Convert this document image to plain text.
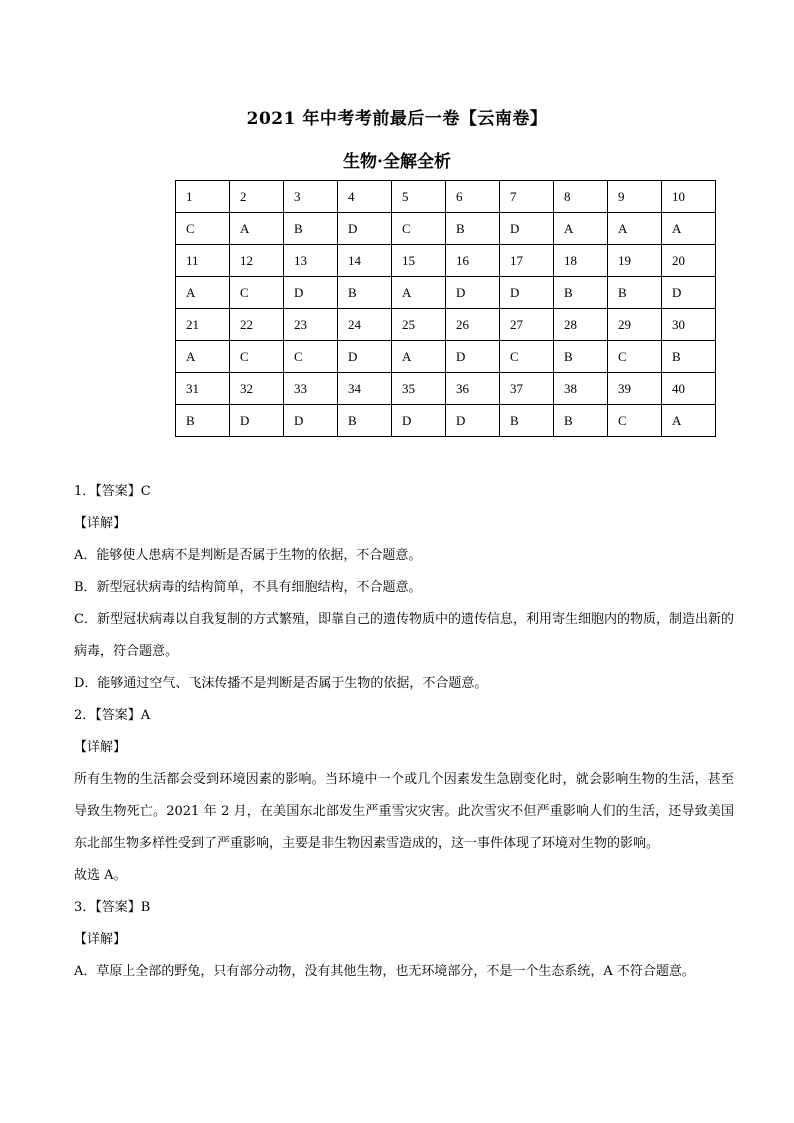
2021 年中考考前最后一卷【云南卷】
生物·全解全析
1	2	3	4	5	6	7	8	9	10
C	A	B	D	C	B	D	A	A	A
11	12	13	14	15	16	17	18	19	20
A	C	D	B	A	D	D	B	B	D
21	22	23	24	25	26	27	28	29	30
A	C	C	D	A	D	C	B	C	B
31	32	33	34	35	36	37	38	39	40
B	D	D	B	D	D	B	B	C	A
1．【答案】C
【详解】
A．能够使人患病不是判断是否属于生物的依据，不合题意。
B．新型冠状病毒的结构简单，不具有细胞结构，不合题意。
C．新型冠状病毒以自我复制的方式繁殖，即靠自己的遗传物质中的遗传信息，利用寄生细胞内的物质，制造出新的病毒，符合题意。
D．能够通过空气、飞沫传播不是判断是否属于生物的依据，不合题意。
2．【答案】A
【详解】
所有生物的生活都会受到环境因素的影响。当环境中一个或几个因素发生急剧变化时，就会影响生物的生活，甚至导致生物死亡。2021 年 2 月，在美国东北部发生严重雪灾灾害。此次雪灾不但严重影响人们的生活，还导致美国东北部生物多样性受到了严重影响，主要是非生物因素雪造成的，这一事件体现了环境对生物的影响。
故选 A。
3．【答案】B
【详解】
A．草原上全部的野兔，只有部分动物，没有其他生物，也无环境部分，不是一个生态系统，A 不符合题意。
